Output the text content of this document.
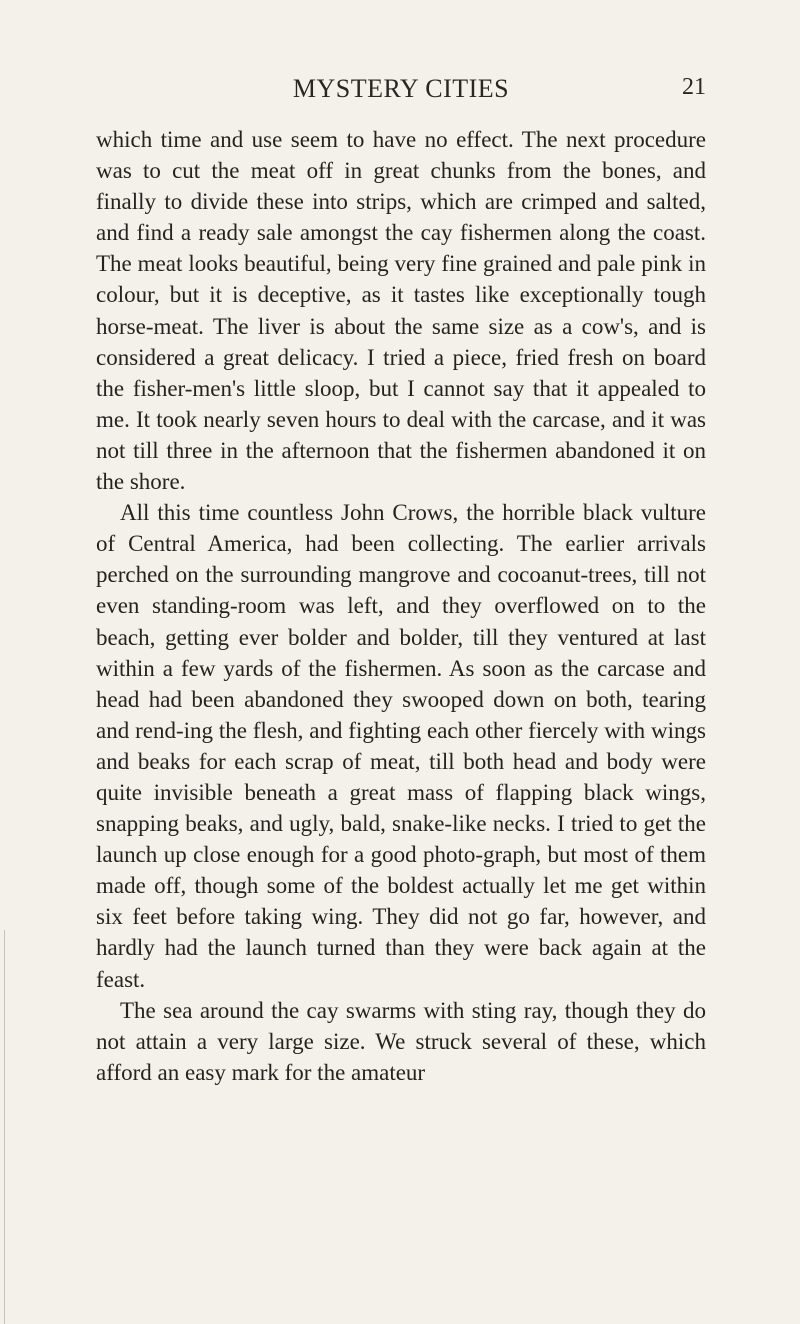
MYSTERY CITIES	21

which time and use seem to have no effect. The next procedure was to cut the meat off in great chunks from the bones, and finally to divide these into strips, which are crimped and salted, and find a ready sale amongst the cay fishermen along the coast. The meat looks beautiful, being very fine grained and pale pink in colour, but it is deceptive, as it tastes like exceptionally tough horse-meat. The liver is about the same size as a cow's, and is considered a great delicacy. I tried a piece, fried fresh on board the fisher-men's little sloop, but I cannot say that it appealed to me. It took nearly seven hours to deal with the carcase, and it was not till three in the afternoon that the fishermen abandoned it on the shore.

All this time countless John Crows, the horrible black vulture of Central America, had been collecting. The earlier arrivals perched on the surrounding mangrove and cocoanut-trees, till not even standing-room was left, and they overflowed on to the beach, getting ever bolder and bolder, till they ventured at last within a few yards of the fishermen. As soon as the carcase and head had been abandoned they swooped down on both, tearing and rend-ing the flesh, and fighting each other fiercely with wings and beaks for each scrap of meat, till both head and body were quite invisible beneath a great mass of flapping black wings, snapping beaks, and ugly, bald, snake-like necks. I tried to get the launch up close enough for a good photo-graph, but most of them made off, though some of the boldest actually let me get within six feet before taking wing. They did not go far, however, and hardly had the launch turned than they were back again at the feast.

The sea around the cay swarms with sting ray, though they do not attain a very large size. We struck several of these, which afford an easy mark for the amateur
